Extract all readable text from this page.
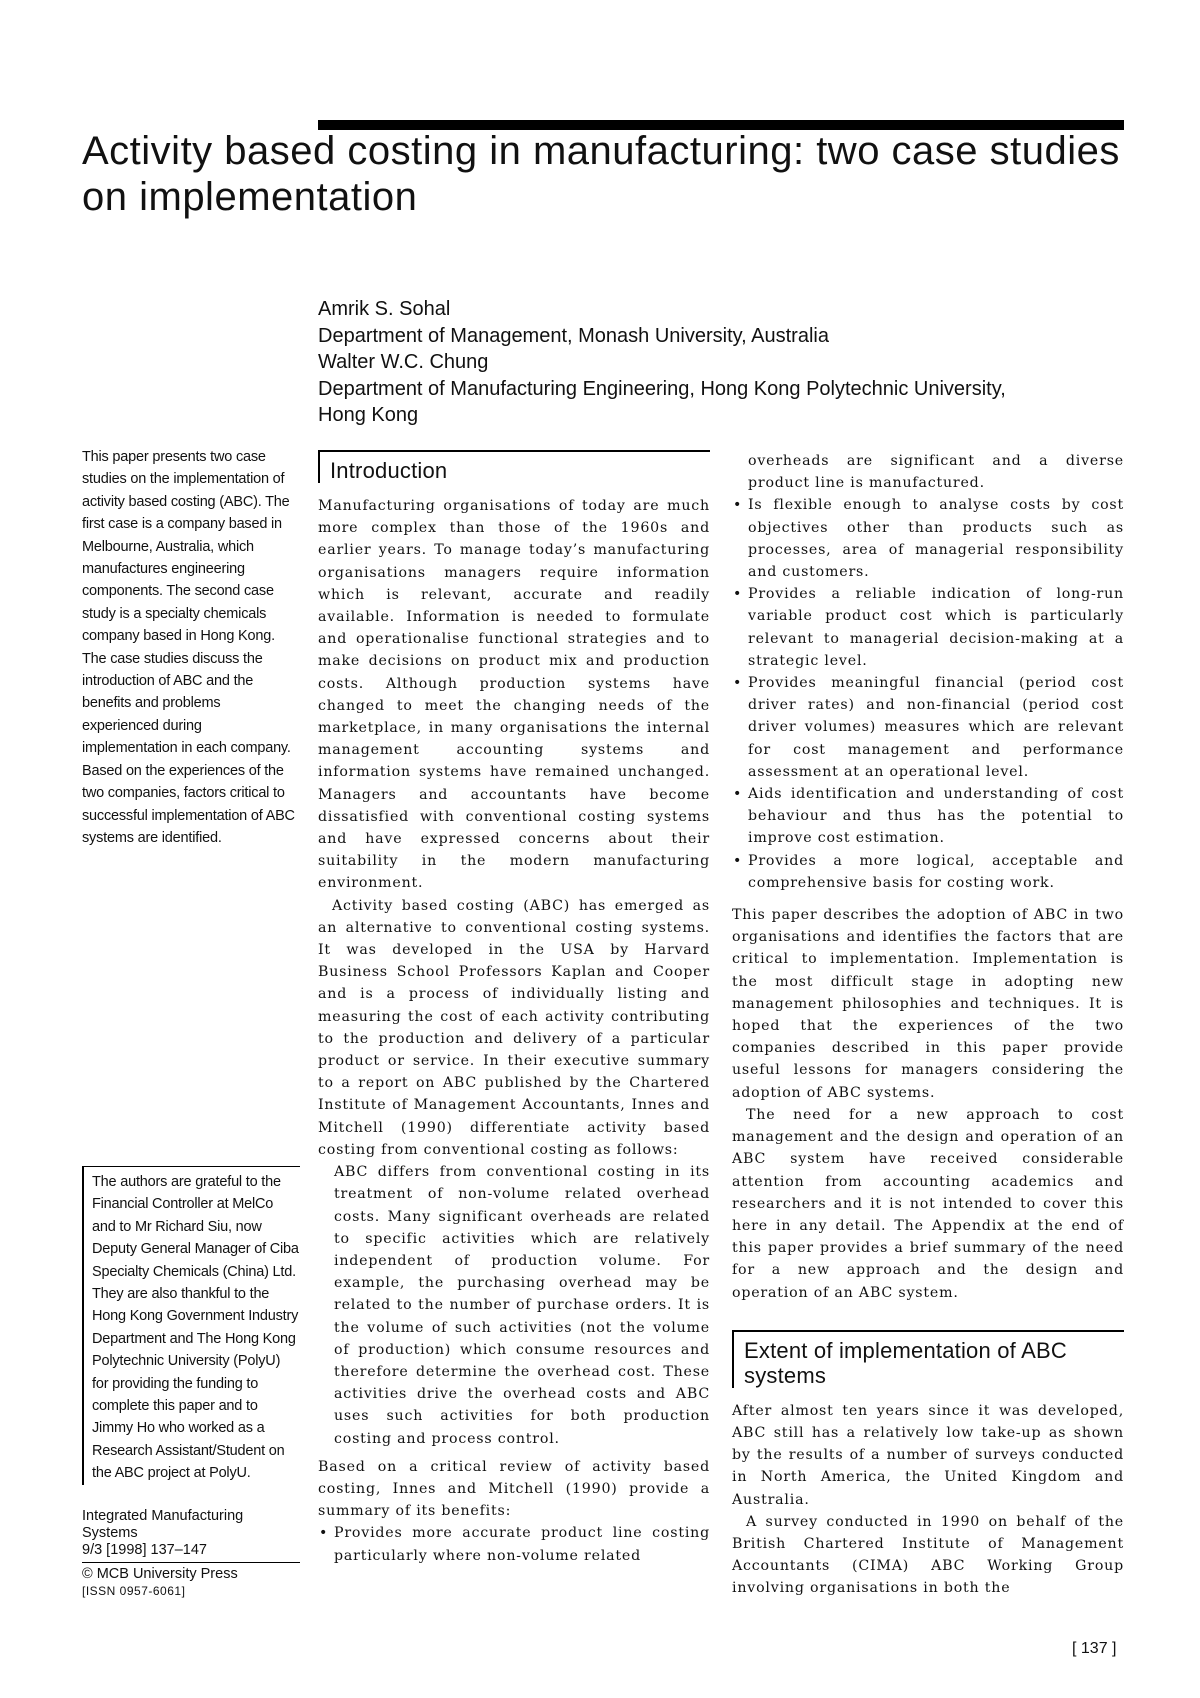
Activity based costing in manufacturing: two case studies on implementation
Amrik S. Sohal
Department of Management, Monash University, Australia
Walter W.C. Chung
Department of Manufacturing Engineering, Hong Kong Polytechnic University,
Hong Kong
This paper presents two case studies on the implementation of activity based costing (ABC). The first case is a company based in Melbourne, Australia, which manufactures engineering components. The second case study is a specialty chemicals company based in Hong Kong. The case studies discuss the introduction of ABC and the benefits and problems experienced during implementation in each company. Based on the experiences of the two companies, factors critical to successful implementation of ABC systems are identified.
The authors are grateful to the Financial Controller at MelCo and to Mr Richard Siu, now Deputy General Manager of Ciba Specialty Chemicals (China) Ltd. They are also thankful to the Hong Kong Government Industry Department and The Hong Kong Polytechnic University (PolyU) for providing the funding to complete this paper and to Jimmy Ho who worked as a Research Assistant/Student on the ABC project at PolyU.
Integrated Manufacturing Systems
9/3 [1998] 137–147
© MCB University Press
[ISSN 0957-6061]
Introduction

Manufacturing organisations of today are much more complex than those of the 1960s and earlier years. To manage today’s manufacturing organisations managers require information which is relevant, accurate and readily available. Information is needed to formulate and operationalise functional strategies and to make decisions on product mix and production costs. Although production systems have changed to meet the changing needs of the marketplace, in many organisations the internal management accounting systems and information systems have remained unchanged. Managers and accountants have become dissatisfied with conventional costing systems and have expressed concerns about their suitability in the modern manufacturing environment.

Activity based costing (ABC) has emerged as an alternative to conventional costing systems. It was developed in the USA by Harvard Business School Professors Kaplan and Cooper and is a process of individually listing and measuring the cost of each activity contributing to the production and delivery of a particular product or service. In their executive summary to a report on ABC published by the Chartered Institute of Management Accountants, Innes and Mitchell (1990) differentiate activity based costing from conventional costing as follows:

ABC differs from conventional costing in its treatment of non-volume related overhead costs. Many significant overheads are related to specific activities which are relatively independent of production volume. For example, the purchasing overhead may be related to the number of purchase orders. It is the volume of such activities (not the volume of production) which consume resources and therefore determine the overhead cost. These activities drive the overhead costs and ABC uses such activities for both production costing and process control.

Based on a critical review of activity based costing, Innes and Mitchell (1990) provide a summary of its benefits:

• Provides more accurate product line costing particularly where non-volume related

overheads are significant and a diverse product line is manufactured.

• Is flexible enough to analyse costs by cost objectives other than products such as processes, area of managerial responsibility and customers.
• Provides a reliable indication of long-run variable product cost which is particularly relevant to managerial decision-making at a strategic level.
• Provides meaningful financial (period cost driver rates) and non-financial (period cost driver volumes) measures which are relevant for cost management and performance assessment at an operational level.
• Aids identification and understanding of cost behaviour and thus has the potential to improve cost estimation.
• Provides a more logical, acceptable and comprehensive basis for costing work.

This paper describes the adoption of ABC in two organisations and identifies the factors that are critical to implementation. Implementation is the most difficult stage in adopting new management philosophies and techniques. It is hoped that the experiences of the two companies described in this paper provide useful lessons for managers considering the adoption of ABC systems.

The need for a new approach to cost management and the design and operation of an ABC system have received considerable attention from accounting academics and researchers and it is not intended to cover this here in any detail. The Appendix at the end of this paper provides a brief summary of the need for a new approach and the design and operation of an ABC system.

Extent of implementation of ABC systems

After almost ten years since it was developed, ABC still has a relatively low take-up as shown by the results of a number of surveys conducted in North America, the United Kingdom and Australia.

A survey conducted in 1990 on behalf of the British Chartered Institute of Management Accountants (CIMA) ABC Working Group involving organisations in both the

[ 137 ]
